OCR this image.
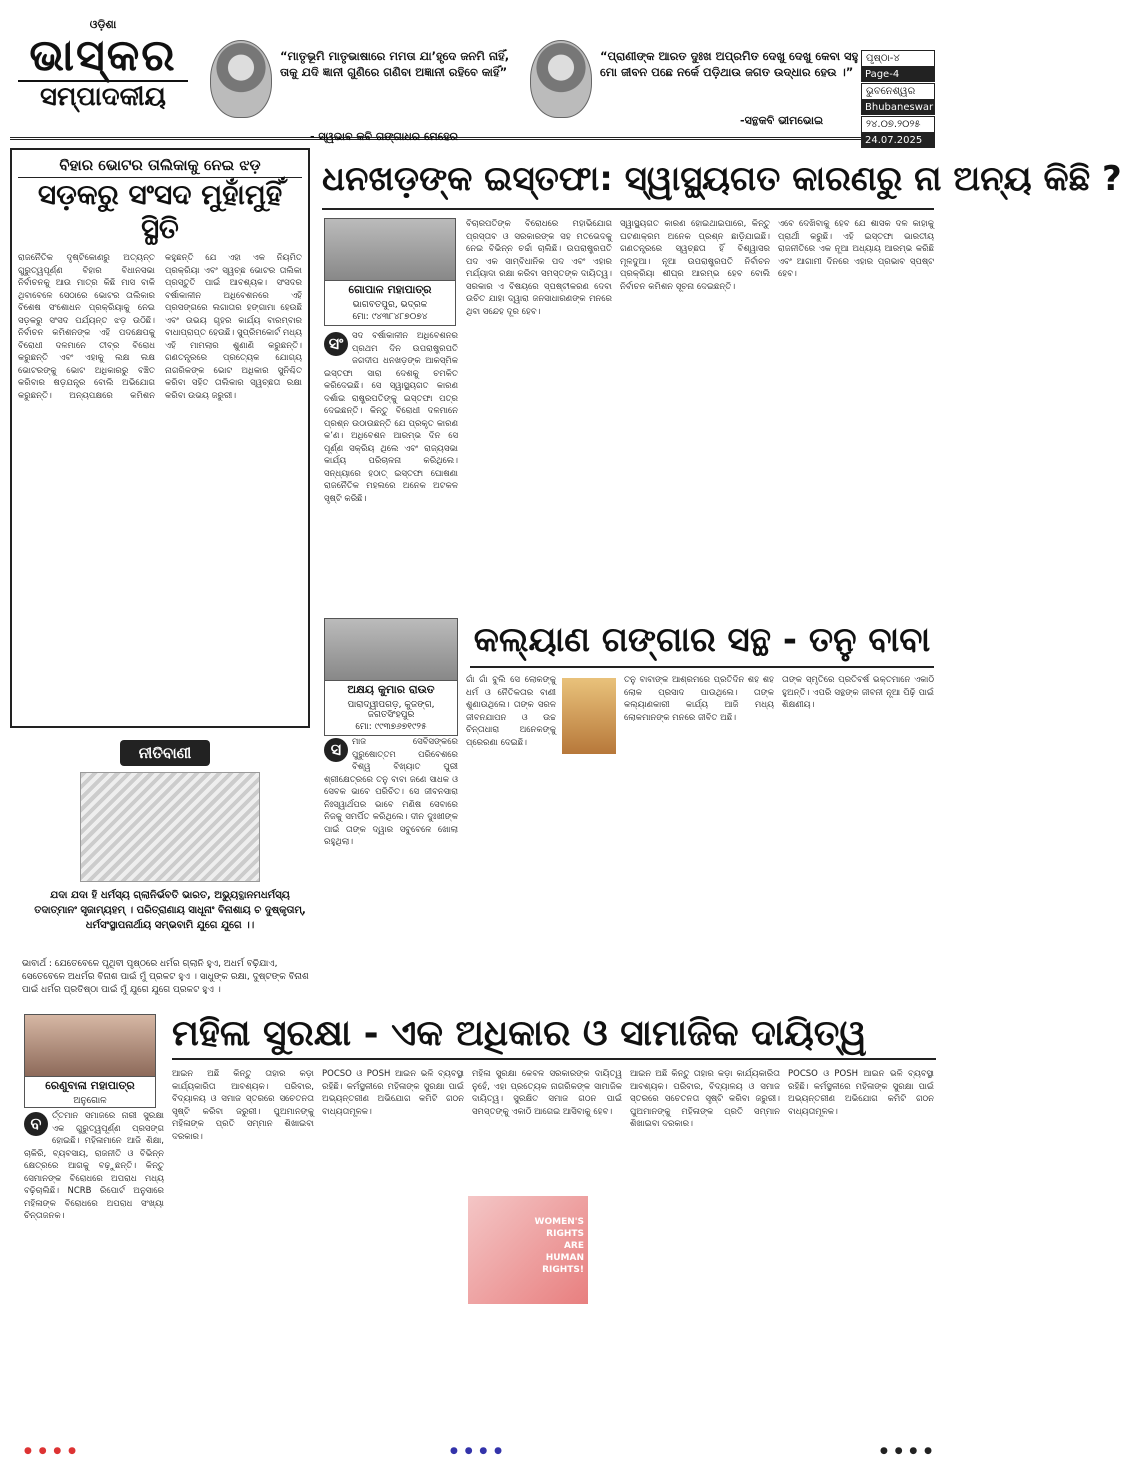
ଓଡ଼ିଶା
ଭାସ୍କର
ସମ୍ପାଦକୀୟ
“ମାତୃଭୂମି ମାତୃଭାଷାରେ ମମତା ଯା’ହୃଦେ ଜନମି ନାହିଁ, ତାକୁ ଯଦି ଜ୍ଞାନୀ ଗୁଣିରେ ଗଣିବା ଅଜ୍ଞାନୀ ରହିବେ କାହିଁ”
- ସ୍ୱଭାବ କବି ଗଙ୍ଗାଧର ମେହେର
“ପ୍ରାଣୀଙ୍କ ଆରତ ଦୁଃଖ ଅପ୍ରମିତ ଦେଖୁ ଦେଖୁ କେବା ସହୁ ମୋ ଜୀବନ ପଛେ ନର୍କେ ପଡ଼ିଥାଉ ଜଗତ ଉଦ୍ଧାର ହେଉ ।”
-ସନ୍ଥକବି ଭୀମଭୋଇ
ପୃଷ୍ଠା-୪
Page-4
ଭୁବନେଶ୍ୱର
Bhubaneswar
୨୪.୦୭.୨୦୨୫
24.07.2025
ବିହାର ଭୋଟର ତାଲିକାକୁ ନେଇ ଝଡ଼
ସଡ଼କରୁ ସଂସଦ ମୁହାଁମୁହିଁ ସ୍ଥିତି
ରାଜନୈତିକ ଦୃଷ୍ଟିକୋଣରୁ ଅତ୍ୟନ୍ତ ଗୁରୁତ୍ୱପୂର୍ଣ୍ଣ ବିହାର ବିଧାନସଭା ନିର୍ବାଚନକୁ ଆଉ ମାତ୍ର କିଛି ମାସ ବାକି ଥିବାବେଳେ ସେଠାରେ ଭୋଟର ତାଲିକାର ବିଶେଷ ସଂଶୋଧନ ପ୍ରକ୍ରିୟାକୁ ନେଇ ସଡ଼କରୁ ସଂସଦ ପର୍ଯ୍ୟନ୍ତ ଝଡ଼ ଉଠିଛି। ନିର୍ବାଚନ କମିଶନଙ୍କ ଏହି ପଦକ୍ଷେପକୁ ବିରୋଧୀ ଦଳମାନେ ତୀବ୍ର ବିରୋଧ କରୁଛନ୍ତି ଏବଂ ଏହାକୁ ଲକ୍ଷ ଲକ୍ଷ ଭୋଟରଙ୍କୁ ଭୋଟ ଅଧିକାରରୁ ବଞ୍ଚିତ କରିବାର ଷଡ଼ଯନ୍ତ୍ର ବୋଲି ଅଭିଯୋଗ କରୁଛନ୍ତି। ଅନ୍ୟପକ୍ଷରେ କମିଶନ କହୁଛନ୍ତି ଯେ ଏହା ଏକ ନିୟମିତ ପ୍ରକ୍ରିୟା ଏବଂ ସ୍ୱଚ୍ଛ ଭୋଟର ତାଲିକା ପ୍ରସ୍ତୁତି ପାଇଁ ଆବଶ୍ୟକ। ସଂସଦର ବର୍ଷାକାଳୀନ ଅଧିବେଶନରେ ଏହି ପ୍ରସଙ୍ଗରେ ଲଗାତାର ହଙ୍ଗାମା ହେଉଛି ଏବଂ ଉଭୟ ଗୃହର କାର୍ଯ୍ୟ ବାରମ୍ବାର ବାଧାପ୍ରାପ୍ତ ହେଉଛି। ସୁପ୍ରିମକୋର୍ଟ ମଧ୍ୟ ଏହି ମାମଲାର ଶୁଣାଣି କରୁଛନ୍ତି। ଗଣତନ୍ତ୍ରରେ ପ୍ରତ୍ୟେକ ଯୋଗ୍ୟ ନାଗରିକଙ୍କ ଭୋଟ ଅଧିକାର ସୁନିଶ୍ଚିତ କରିବା ସହିତ ତାଲିକାର ସ୍ୱଚ୍ଛତା ରକ୍ଷା କରିବା ଉଭୟ ଜରୁରୀ।
ନୀତିବାଣୀ
ଯଦା ଯଦା ହି ଧର୍ମସ୍ୟ ଗ୍ଲାନିର୍ଭବତି ଭାରତ, ଅଭ୍ୟୁତ୍ଥାନମଧର୍ମସ୍ୟ ତଦାତ୍ମାନଂ ସୃଜାମ୍ୟହମ୍ । ପରିତ୍ରାଣାୟ ସାଧୂନାଂ ବିନାଶାୟ ଚ ଦୁଷ୍କୃତାମ୍, ଧର୍ମସଂସ୍ଥାପନାର୍ଥାୟ ସମ୍ଭବାମି ଯୁଗେ ଯୁଗେ ।।
ଭାବାର୍ଥ : ଯେତେବେଳେ ପୃଥିବୀ ପୃଷ୍ଠରେ ଧର୍ମର ଗ୍ଲାନି ହୁଏ, ଅଧର୍ମ ବଢ଼ିଯାଏ, ସେତେବେଳେ ଅଧର୍ମର ବିନାଶ ପାଇଁ ମୁଁ ପ୍ରକଟ ହୁଏ । ସାଧୁଙ୍କ ରକ୍ଷା, ଦୁଷ୍ଟଙ୍କ ବିନାଶ ପାଇଁ ଧର୍ମର ପ୍ରତିଷ୍ଠା ପାଇଁ ମୁଁ ଯୁଗେ ଯୁଗେ ପ୍ରକଟ ହୁଏ ।
ଧନଖଡ଼ଙ୍କ ଇସ୍ତଫା: ସ୍ୱାସ୍ଥ୍ୟଗତ କାରଣରୁ ନା ଅନ୍ୟ କିଛି ?
ଗୋପାଳ ମହାପାତ୍ର
ଭାଗବତପୁର, ଭଦ୍ରକ
ମୋ: ୯୪୩୮୪୮୭୦୭୪
ସଂ	ସଦ ବର୍ଷାକାଳୀନ ଅଧିବେଶନର ପ୍ରଥମ ଦିନ ଉପରାଷ୍ଟ୍ରପତି ଜଗଦୀପ ଧନଖଡ଼ଙ୍କ ଆକସ୍ମିକ ଇସ୍ତଫା ସାରା ଦେଶକୁ ଚମକିତ କରିଦେଇଛି। ସେ ସ୍ୱାସ୍ଥ୍ୟଗତ କାରଣ ଦର୍ଶାଇ ରାଷ୍ଟ୍ରପତିଙ୍କୁ ଇସ୍ତଫା ପତ୍ର ଦେଇଛନ୍ତି। କିନ୍ତୁ ବିରୋଧୀ ଦଳମାନେ ପ୍ରଶ୍ନ ଉଠାଉଛନ୍ତି ଯେ ପ୍ରକୃତ କାରଣ କ’ଣ। ଅଧିବେଶନ ଆରମ୍ଭ ଦିନ ସେ ପୂର୍ଣ୍ଣ ସକ୍ରିୟ ଥିଲେ ଏବଂ ରାଜ୍ୟସଭା କାର୍ଯ୍ୟ ପରିଚାଳନା କରିଥିଲେ। ସନ୍ଧ୍ୟାରେ ହଠାତ୍ ଇସ୍ତଫା ଘୋଷଣା ରାଜନୈତିକ ମହଲରେ ଅନେକ ଅଟକଳ ସୃଷ୍ଟି କରିଛି।
ବିଚାରପତିଙ୍କ ବିରୋଧରେ ମହାଭିଯୋଗ ପ୍ରସ୍ତାବ ଓ ସରକାରଙ୍କ ସହ ମତଭେଦକୁ ନେଇ ବିଭିନ୍ନ ଚର୍ଚ୍ଚା ଚାଲିଛି। ଉପରାଷ୍ଟ୍ରପତି ପଦ ଏକ ସାମ୍ବିଧାନିକ ପଦ ଏବଂ ଏହାର ମର୍ଯ୍ୟାଦା ରକ୍ଷା କରିବା ସମସ୍ତଙ୍କ ଦାୟିତ୍ୱ। ସରକାର ଏ ବିଷୟରେ ସ୍ପଷ୍ଟୀକରଣ ଦେବା ଉଚିତ ଯାହା ଦ୍ୱାରା ଜନସାଧାରଣଙ୍କ ମନରେ ଥିବା ସନ୍ଦେହ ଦୂର ହେବ।
ସ୍ୱାସ୍ଥ୍ୟଗତ କାରଣ ହୋଇଥାଇପାରେ, କିନ୍ତୁ ଘଟଣାକ୍ରମ ଅନେକ ପ୍ରଶ୍ନ ଛାଡ଼ିଯାଇଛି। ଗଣତନ୍ତ୍ରରେ ସ୍ୱଚ୍ଛତା ହିଁ ବିଶ୍ୱାସର ମୂଳଦୁଆ। ନୂଆ ଉପରାଷ୍ଟ୍ରପତି ନିର୍ବାଚନ ପ୍ରକ୍ରିୟା ଶୀଘ୍ର ଆରମ୍ଭ ହେବ ବୋଲି ନିର୍ବାଚନ କମିଶନ ସୂଚନା ଦେଇଛନ୍ତି।
ଏବେ ଦେଖିବାକୁ ହେବ ଯେ ଶାସକ ଦଳ କାହାକୁ ପ୍ରାର୍ଥୀ କରୁଛି। ଏହି ଇସ୍ତଫା ଭାରତୀୟ ରାଜନୀତିରେ ଏକ ନୂଆ ଅଧ୍ୟାୟ ଆରମ୍ଭ କରିଛି ଏବଂ ଆଗାମୀ ଦିନରେ ଏହାର ପ୍ରଭାବ ସ୍ପଷ୍ଟ ହେବ।
କଲ୍ୟାଣ ଗଙ୍ଗାର ସନ୍ଥ - ତନୁ ବାବା
ଅକ୍ଷୟ କୁମାର ରାଉତ
ପାରାଦ୍ୱୀପଗଡ଼, କୁଜଙ୍ଗ, ଜଗତସିଂହପୁର
ମୋ: ୯୯୩୭୬୭୧୯୨୫
ସ	ମାଜ ସେବିସଙ୍କରେ ପୁରୁଷୋତ୍ତମ ପରିବେଶରେ ବିଶ୍ୱ ବିଖ୍ୟାତ ପୁରୀ ଶ୍ରୀକ୍ଷେତ୍ରରେ ତନୁ ବାବା ଜଣେ ସାଧକ ଓ ସେବକ ଭାବେ ପରିଚିତ। ସେ ଜୀବନସାରା ନିଃସ୍ୱାର୍ଥପର ଭାବେ ମଣିଷ ସେବାରେ ନିଜକୁ ସମର୍ପିତ କରିଥିଲେ। ଦୀନ ଦୁଃଖୀଙ୍କ ପାଇଁ ତାଙ୍କ ଦ୍ୱାର ସବୁବେଳେ ଖୋଲା ରହୁଥିଲା।
ଗାଁ ଗାଁ ବୁଲି ସେ ଲୋକଙ୍କୁ ଧର୍ମ ଓ ନୈତିକତାର ବାଣୀ ଶୁଣାଉଥିଲେ। ତାଙ୍କ ସରଳ ଜୀବନଯାପନ ଓ ଉଚ୍ଚ ଚିନ୍ତାଧାରା ଅନେକଙ୍କୁ ପ୍ରେରଣା ଦେଇଛି।
ତନୁ ବାବାଙ୍କ ଆଶ୍ରମରେ ପ୍ରତିଦିନ ଶହ ଶହ ଲୋକ ପ୍ରସାଦ ପାଉଥିଲେ। ତାଙ୍କ କଲ୍ୟାଣକାରୀ କାର୍ଯ୍ୟ ଆଜି ମଧ୍ୟ ଲୋକମାନଙ୍କ ମନରେ ଜୀବିତ ଅଛି।
ତାଙ୍କ ସ୍ମୃତିରେ ପ୍ରତିବର୍ଷ ଭକ୍ତମାନେ ଏକାଠି ହୁଅନ୍ତି। ଏପରି ସନ୍ଥଙ୍କ ଜୀବନୀ ନୂଆ ପିଢ଼ି ପାଇଁ ଶିକ୍ଷଣୀୟ।
ରେଣୁବାଳା ମହାପାତ୍ର
ଅନୁଗୋଳ
ମହିଳା ସୁରକ୍ଷା - ଏକ ଅଧିକାର ଓ ସାମାଜିକ ଦାୟିତ୍ୱ
ବ	ର୍ତ୍ତମାନ ସମାଜରେ ନାରୀ ସୁରକ୍ଷା ଏକ ଗୁରୁତ୍ୱପୂର୍ଣ୍ଣ ପ୍ରସଙ୍ଗ ହୋଇଛି। ମହିଳାମାନେ ଆଜି ଶିକ୍ଷା, ଚାକିରି, ବ୍ୟବସାୟ, ରାଜନୀତି ଓ ବିଭିନ୍ନ କ୍ଷେତ୍ରରେ ଆଗକୁ ବଢ଼ୁଛନ୍ତି। କିନ୍ତୁ ସେମାନଙ୍କ ବିରୋଧରେ ଅପରାଧ ମଧ୍ୟ ବଢ଼ିଚାଲିଛି। NCRB ରିପୋର୍ଟ ଅନୁସାରେ ମହିଳାଙ୍କ ବିରୋଧରେ ଅପରାଧ ସଂଖ୍ୟା ଚିନ୍ତାଜନକ।
ଆଇନ ଅଛି କିନ୍ତୁ ତାହାର କଡ଼ା କାର୍ଯ୍ୟକାରିତା ଆବଶ୍ୟକ। ପରିବାର, ବିଦ୍ୟାଳୟ ଓ ସମାଜ ସ୍ତରରେ ସଚେତନତା ସୃଷ୍ଟି କରିବା ଜରୁରୀ। ପୁଅମାନଙ୍କୁ ମହିଳାଙ୍କ ପ୍ରତି ସମ୍ମାନ ଶିଖାଇବା ଦରକାର।
POCSO ଓ POSH ଆଇନ ଭଳି ବ୍ୟବସ୍ଥା ରହିଛି। କର୍ମସ୍ଥଳୀରେ ମହିଳାଙ୍କ ସୁରକ୍ଷା ପାଇଁ ଅଭ୍ୟନ୍ତରୀଣ ଅଭିଯୋଗ କମିଟି ଗଠନ ବାଧ୍ୟତାମୂଳକ।
WOMEN'S RIGHTS ARE HUMAN RIGHTS!
ମହିଳା ସୁରକ୍ଷା କେବଳ ସରକାରଙ୍କ ଦାୟିତ୍ୱ ନୁହେଁ, ଏହା ପ୍ରତ୍ୟେକ ନାଗରିକଙ୍କ ସାମାଜିକ ଦାୟିତ୍ୱ। ସୁରକ୍ଷିତ ସମାଜ ଗଠନ ପାଇଁ ସମସ୍ତଙ୍କୁ ଏକାଠି ଆଗେଇ ଆସିବାକୁ ହେବ।
ଆଇନ ଅଛି କିନ୍ତୁ ତାହାର କଡ଼ା କାର୍ଯ୍ୟକାରିତା ଆବଶ୍ୟକ। ପରିବାର, ବିଦ୍ୟାଳୟ ଓ ସମାଜ ସ୍ତରରେ ସଚେତନତା ସୃଷ୍ଟି କରିବା ଜରୁରୀ। ପୁଅମାନଙ୍କୁ ମହିଳାଙ୍କ ପ୍ରତି ସମ୍ମାନ ଶିଖାଇବା ଦରକାର।
POCSO ଓ POSH ଆଇନ ଭଳି ବ୍ୟବସ୍ଥା ରହିଛି। କର୍ମସ୍ଥଳୀରେ ମହିଳାଙ୍କ ସୁରକ୍ଷା ପାଇଁ ଅଭ୍ୟନ୍ତରୀଣ ଅଭିଯୋଗ କମିଟି ଗଠନ ବାଧ୍ୟତାମୂଳକ।
● ● ● ●	● ● ● ●	● ● ● ●
